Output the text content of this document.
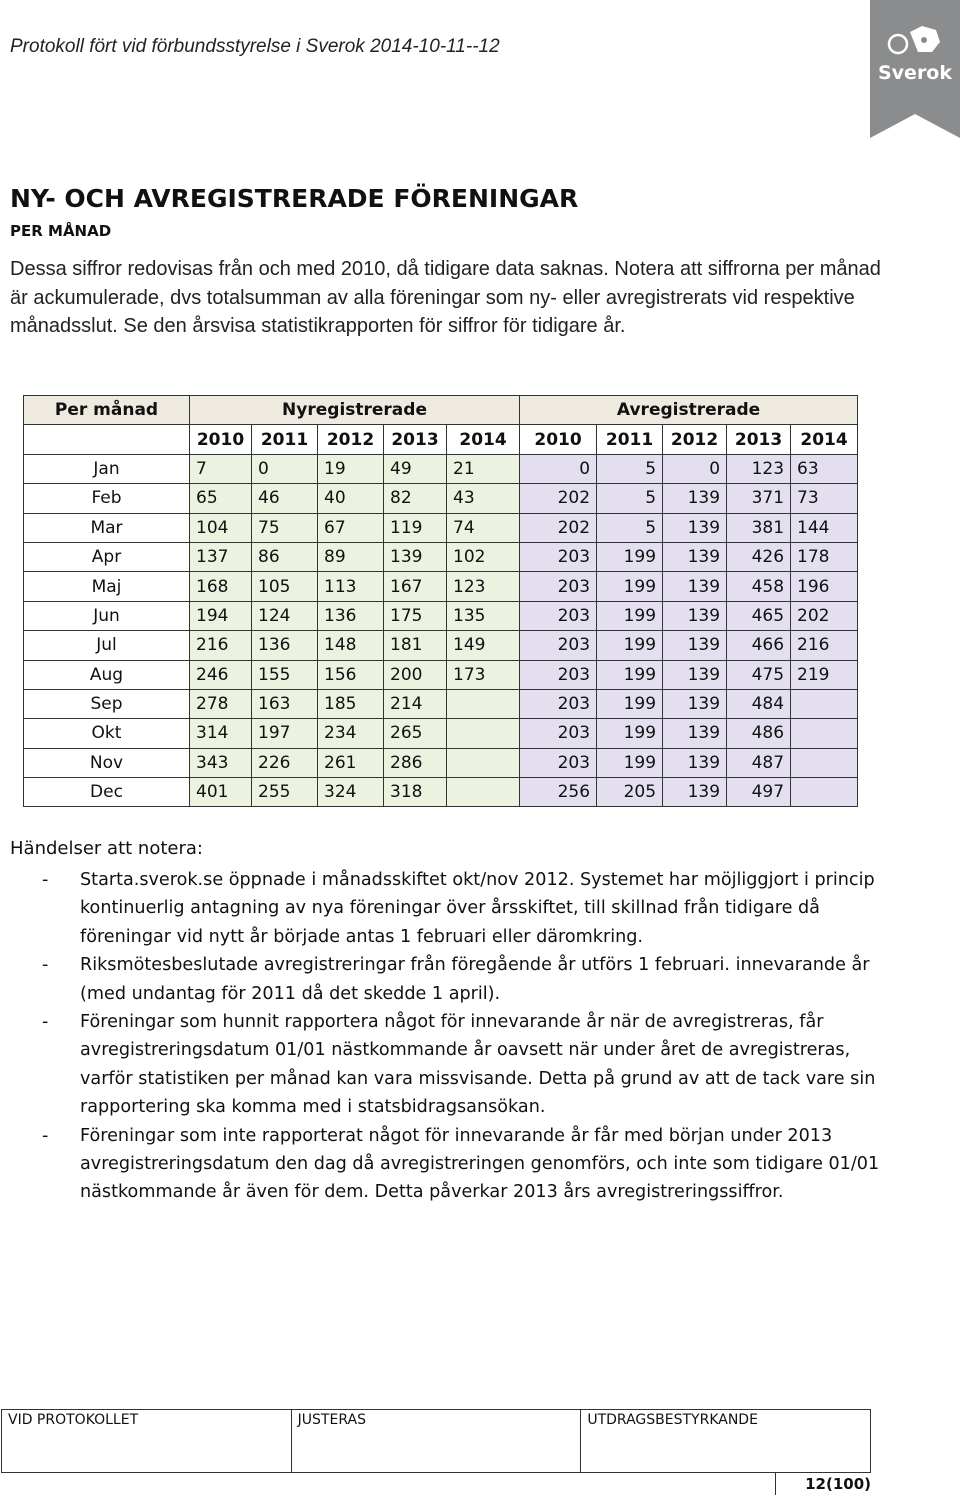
Protokoll fört vid förbundsstyrelse i Sverok 2014-10-11--12
Sverok
NY- OCH AVREGISTRERADE FÖRENINGAR
PER MÅNAD

Dessa siffror redovisas från och med 2010, då tidigare data saknas. Notera att siffrorna per månad är ackumulerade, dvs totalsumman av alla föreningar som ny- eller avregistrerats vid respektive månadsslut. Se den årsvisa statistikrapporten för siffror för tidigare år.

Per månad	Nyregistrerade					Avregistrerade				
	2010	2011	2012	2013	2014	2010	2011	2012	2013	2014
Jan	7	0	19	49	21	0	5	0	123	63
Feb	65	46	40	82	43	202	5	139	371	73
Mar	104	75	67	119	74	202	5	139	381	144
Apr	137	86	89	139	102	203	199	139	426	178
Maj	168	105	113	167	123	203	199	139	458	196
Jun	194	124	136	175	135	203	199	139	465	202
Jul	216	136	148	181	149	203	199	139	466	216
Aug	246	155	156	200	173	203	199	139	475	219
Sep	278	163	185	214		203	199	139	484	
Okt	314	197	234	265		203	199	139	486	
Nov	343	226	261	286		203	199	139	487	
Dec	401	255	324	318		256	205	139	497	
Händelser att notera:
- Starta.sverok.se öppnade i månadsskiftet okt/nov 2012. Systemet har möjliggjort i princip kontinuerlig antagning av nya föreningar över årsskiftet, till skillnad från tidigare då föreningar vid nytt år började antas 1 februari eller däromkring.
- Riksmötesbeslutade avregistreringar från föregående år utförs 1 februari. innevarande år (med undantag för 2011 då det skedde 1 april).
- Föreningar som hunnit rapportera något för innevarande år när de avregistreras, får avregistreringsdatum 01/01 nästkommande år oavsett när under året de avregistreras, varför statistiken per månad kan vara missvisande. Detta på grund av att de tack vare sin rapportering ska komma med i statsbidragsansökan.
- Föreningar som inte rapporterat något för innevarande år får med början under 2013 avregistreringsdatum den dag då avregistreringen genomförs, och inte som tidigare 01/01 nästkommande år även för dem. Detta påverkar 2013 års avregistreringssiffror.
VID PROTOKOLLET	JUSTERAS	UTDRAGSBESTYRKANDE
12(100)
